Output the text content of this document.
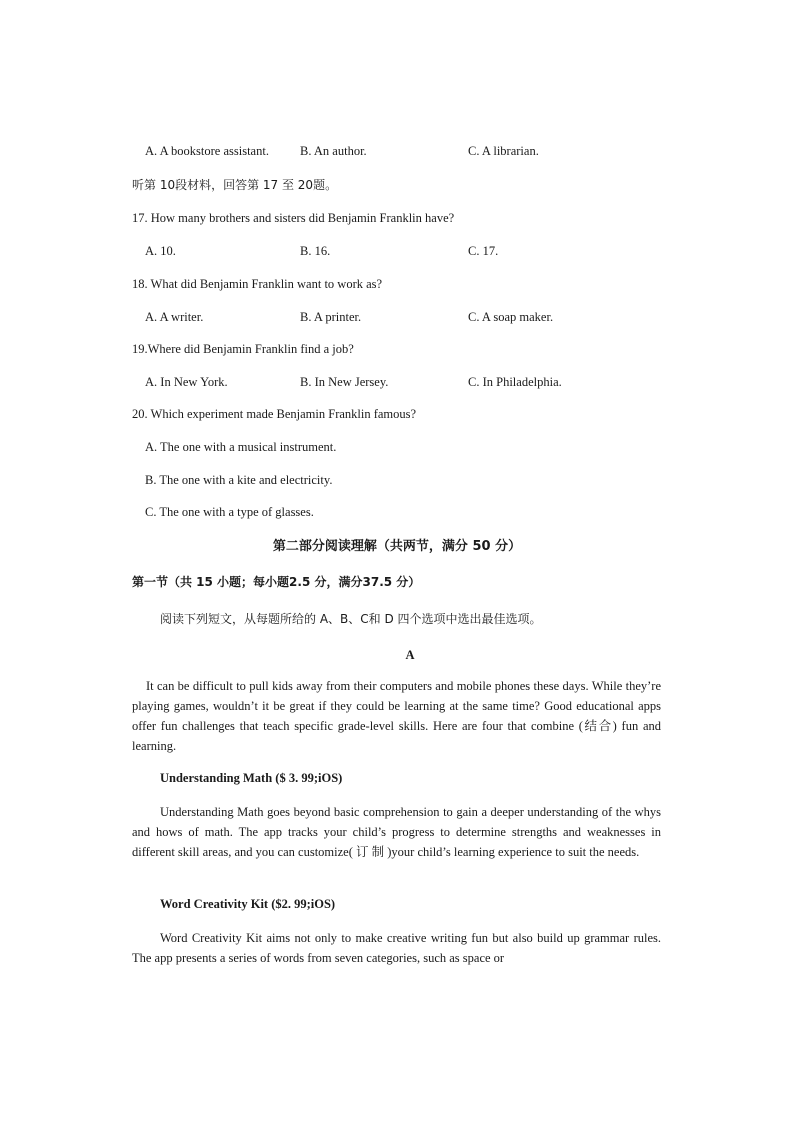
A. A bookstore assistant. B. An author.	C. A librarian.
听第 10段材料，回答第 17 至 20题。
17. How many brothers and sisters did Benjamin Franklin have?
A. 10.	B. 16.	C. 17.
18. What did Benjamin Franklin want to work as?
A. A writer.	B. A printer.	C. A soap maker.
19.Where did Benjamin Franklin find a job?
A. In New York.	B. In New Jersey.	C. In Philadelphia.
20. Which experiment made Benjamin Franklin famous?
A. The one with a musical instrument.
B. The one with a kite and electricity.
C. The one with a type of glasses.
第二部分阅读理解（共两节，满分 50 分）
第一节（共 15 小题；每小题2.5 分，满分37.5 分）
阅读下列短文，从每题所给的 A、B、C和 D 四个选项中选出最佳选项。
A

It can be difficult to pull kids away from their computers and mobile phones these days. While they’re playing games, wouldn’t it be great if they could be learning at the same time? Good educational apps offer fun challenges that teach specific grade-level skills. Here are four that combine (结合) fun and learning.

Understanding Math ($ 3. 99;iOS)

Understanding Math goes beyond basic comprehension to gain a deeper understanding of the whys and hows of math. The app tracks your child’s progress to determine strengths and weaknesses in different skill areas, and you can customize( 订 制 )your child’s learning experience to suit the needs.

Word Creativity Kit ($2. 99;iOS)

Word Creativity Kit aims not only to make creative writing fun but also build up grammar rules. The app presents a series of words from seven categories, such as space or
